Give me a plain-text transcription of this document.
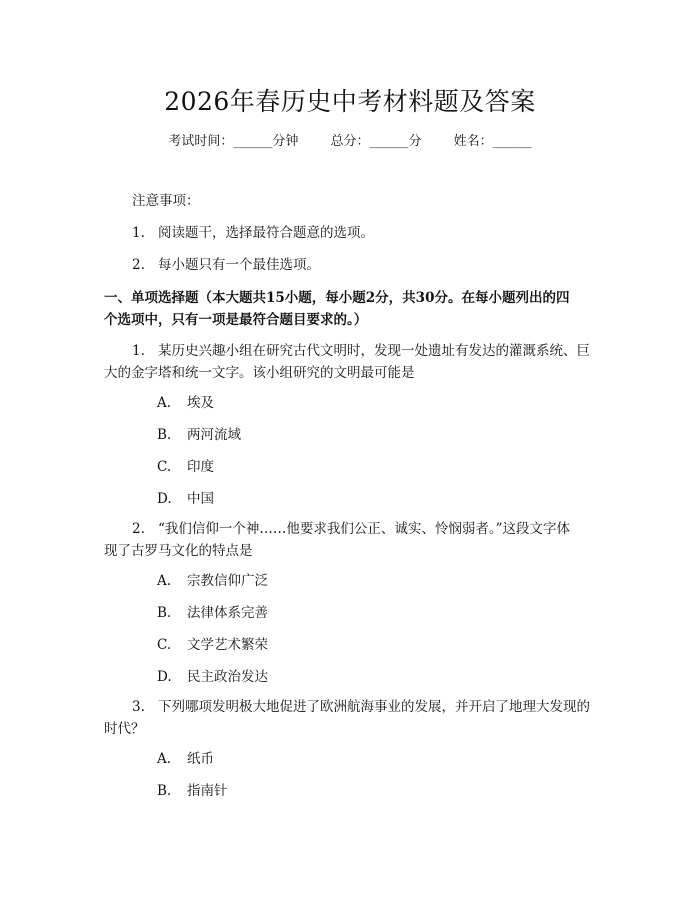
2026年春历史中考材料题及答案
考试时间：______分钟 总分：______分 姓名：______
注意事项：
1. 阅读题干，选择最符合题意的选项。
2. 每小题只有一个最佳选项。
一、单项选择题（本大题共15小题，每小题2分，共30分。在每小题列出的四
个选项中，只有一项是最符合题目要求的。）
1. 某历史兴趣小组在研究古代文明时，发现一处遗址有发达的灌溉系统、巨
大的金字塔和统一文字。该小组研究的文明最可能是
A. 埃及
B. 两河流域
C. 印度
D. 中国
2. “我们信仰一个神……他要求我们公正、诚实、怜悯弱者。”这段文字体
现了古罗马文化的特点是
A. 宗教信仰广泛
B. 法律体系完善
C. 文学艺术繁荣
D. 民主政治发达
3. 下列哪项发明极大地促进了欧洲航海事业的发展，并开启了地理大发现的
时代？
A. 纸币
B. 指南针
